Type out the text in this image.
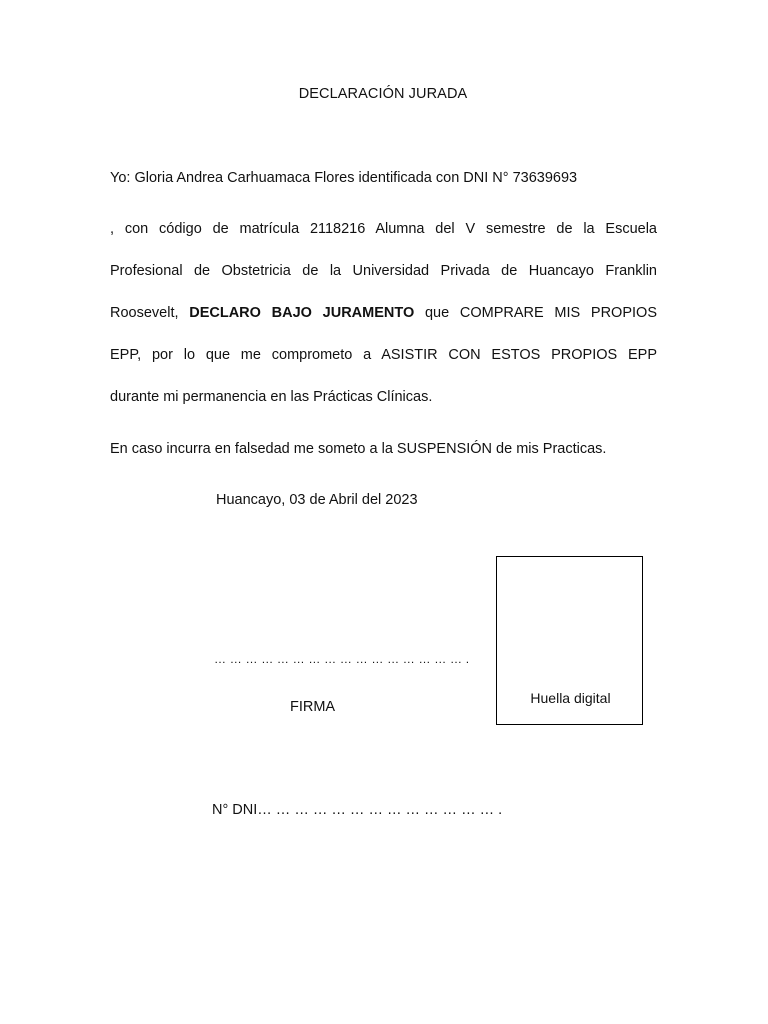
DECLARACIÓN JURADA
Yo: Gloria Andrea Carhuamaca Flores identificada con DNI N° 73639693
, con código de matrícula 2118216 Alumna del V semestre de la Escuela
Profesional de Obstetricia de la Universidad Privada de Huancayo Franklin
Roosevelt, DECLARO BAJO JURAMENTO que COMPRARE MIS PROPIOS
EPP, por lo que me comprometo a ASISTIR CON ESTOS PROPIOS EPP
durante mi permanencia en las Prácticas Clínicas.
En caso incurra en falsedad me someto a la SUSPENSIÓN de mis Practicas.
Huancayo, 03 de Abril del 2023
… … … … … … … … … … … … … … … … .
FIRMA
N° DNI… … … … … … … … … … … … … .
Huella digital
